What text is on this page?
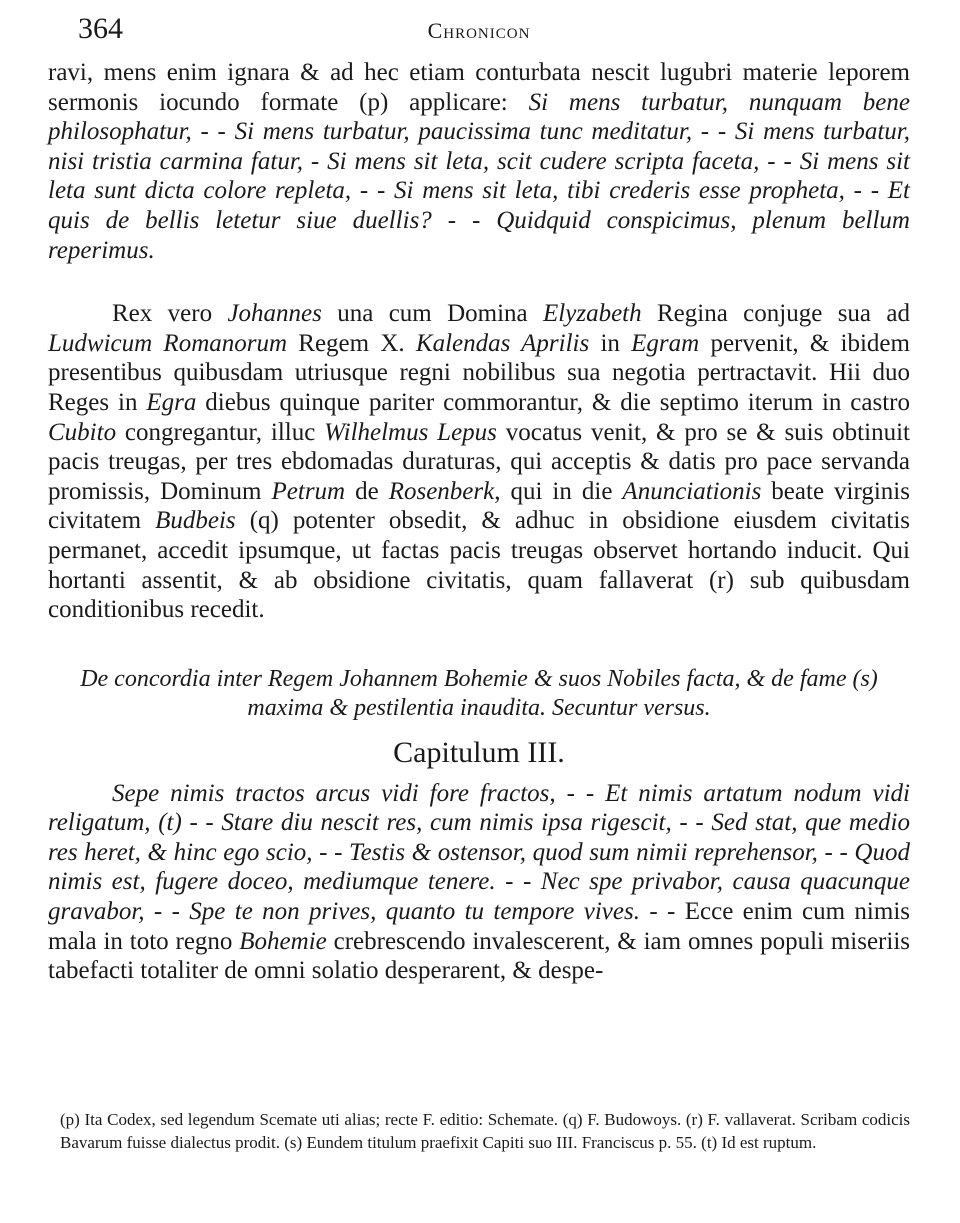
364	Chronicon

ravi, mens enim ignara & ad hec etiam conturbata nescit lugubri materie leporem sermonis iocundo formate (p) applicare: Si mens turbatur, nunquam bene philosophatur, - - Si mens turbatur, paucissima tunc meditatur, - - Si mens turbatur, nisi tristia carmina fatur, - Si mens sit leta, scit cudere scripta faceta, - - Si mens sit leta sunt dicta colore repleta, - - Si mens sit leta, tibi crederis esse propheta, - - Et quis de bellis letetur siue duellis? - - Quidquid conspicimus, plenum bellum reperimus.

Rex vero Johannes una cum Domina Elyzabeth Regina conjuge sua ad Ludwicum Romanorum Regem X. Kalendas Aprilis in Egram pervenit, & ibidem presentibus quibusdam utriusque regni nobilibus sua negotia pertractavit. Hii duo Reges in Egra diebus quinque pariter commorantur, & die septimo iterum in castro Cubito congregantur, illuc Wilhelmus Lepus vocatus venit, & pro se & suis obtinuit pacis treugas, per tres ebdomadas duraturas, qui acceptis & datis pro pace servanda promissis, Dominum Petrum de Rosenberk, qui in die Anunciationis beate virginis civitatem Budbeis (q) potenter obsedit, & adhuc in obsidione eiusdem civitatis permanet, accedit ipsumque, ut factas pacis treugas observet hortando inducit. Qui hortanti assentit, & ab obsidione civitatis, quam fallaverat (r) sub quibusdam conditionibus recedit.

De concordia inter Regem Johannem Bohemie & suos Nobiles facta, & de fame (s) maxima & pestilentia inaudita. Secuntur versus.

Capitulum III.

Sepe nimis tractos arcus vidi fore fractos, - - Et nimis artatum nodum vidi religatum, (t) - - Stare diu nescit res, cum nimis ipsa rigescit, - - Sed stat, que medio res heret, & hinc ego scio, - - Testis & ostensor, quod sum nimii reprehensor, - - Quod nimis est, fugere doceo, mediumque tenere. - - Nec spe privabor, causa quacunque gravabor, - - Spe te non prives, quanto tu tempore vives. - - Ecce enim cum nimis mala in toto regno Bohemie crebrescendo invalescerent, & iam omnes populi miseriis tabefacti totaliter de omni solatio desperarent, & despe-

(p) Ita Codex, sed legendum Scemate uti alias; recte F. editio: Schemate. (q) F. Budowoys. (r) F. vallaverat. Scribam codicis Bavarum fuisse dialectus prodit. (s) Eundem titulum praefixit Capiti suo III. Franciscus p. 55. (t) Id est ruptum.
